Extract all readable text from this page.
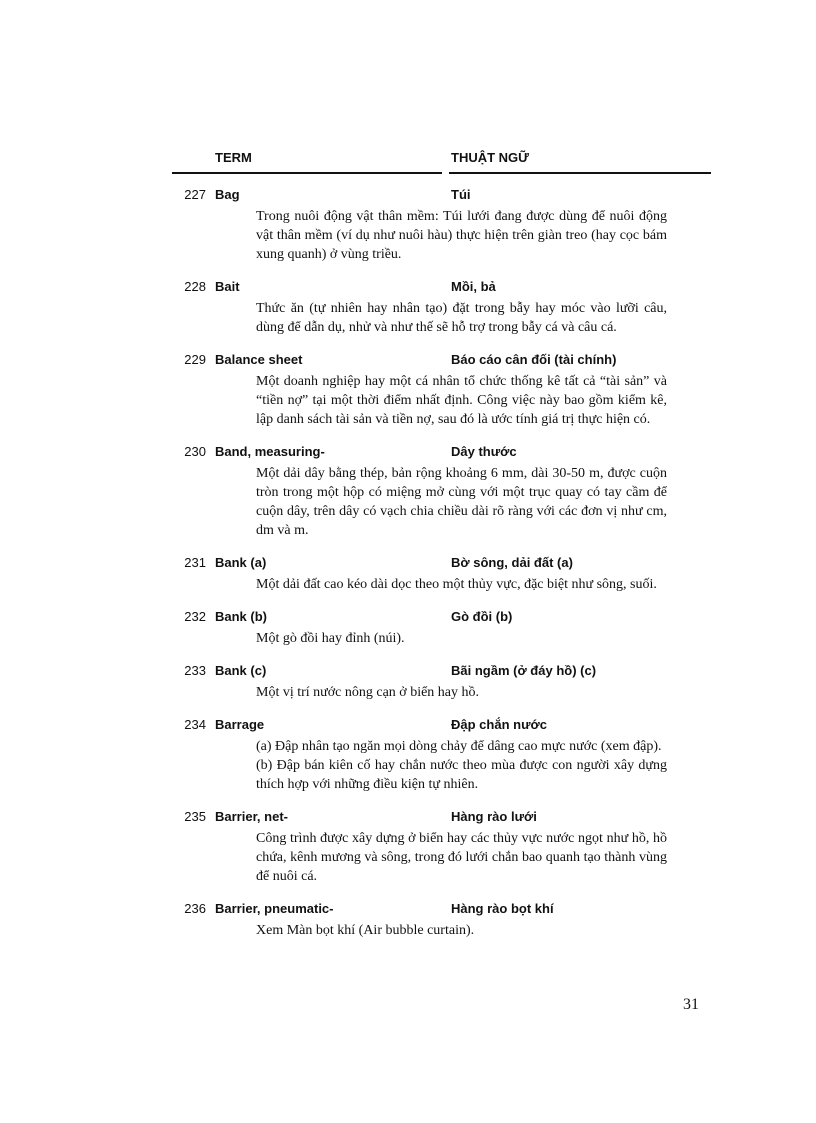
TERM	THUẬT NGỮ
227 Bag	Túi

Trong nuôi động vật thân mềm: Túi lưới đang được dùng để nuôi động vật thân mềm (ví dụ như nuôi hàu) thực hiện trên giàn treo (hay cọc bám xung quanh) ở vùng triều.

228 Bait	Mồi, bả

Thức ăn (tự nhiên hay nhân tạo) đặt trong bẫy hay móc vào lưỡi câu, dùng để dẫn dụ, nhử và như thế sẽ hỗ trợ trong bẫy cá và câu cá.

229 Balance sheet	Báo cáo cân đối (tài chính)

Một doanh nghiệp hay một cá nhân tổ chức thống kê tất cả “tài sản” và “tiền nợ” tại một thời điểm nhất định. Công việc này bao gồm kiểm kê, lập danh sách tài sản và tiền nợ, sau đó là ước tính giá trị thực hiện có.

230 Band, measuring-	Dây thước

Một dải dây bằng thép, bản rộng khoảng 6 mm, dài 30-50 m, được cuộn tròn trong một hộp có miệng mở cùng với một trục quay có tay cầm để cuộn dây, trên dây có vạch chia chiều dài rõ ràng với các đơn vị như cm, dm và m.

231 Bank (a)	Bờ sông, dải đất (a)

Một dải đất cao kéo dài dọc theo một thủy vực, đặc biệt như sông, suối.

232 Bank (b)	Gò đồi (b)

Một gò đồi hay đỉnh (núi).

233 Bank (c)	Bãi ngầm (ở đáy hồ) (c)

Một vị trí nước nông cạn ở biển hay hồ.

234 Barrage	Đập chắn nước

(a) Đập nhân tạo ngăn mọi dòng chảy để dâng cao mực nước (xem đập).

(b) Đập bán kiên cố hay chắn nước theo mùa được con người xây dựng thích hợp với những điều kiện tự nhiên.

235 Barrier, net-	Hàng rào lưới

Công trình được xây dựng ở biển hay các thủy vực nước ngọt như hồ, hồ chứa, kênh mương và sông, trong đó lưới chắn bao quanh tạo thành vùng để nuôi cá.

236 Barrier, pneumatic-	Hàng rào bọt khí

Xem Màn bọt khí (Air bubble curtain).

31
